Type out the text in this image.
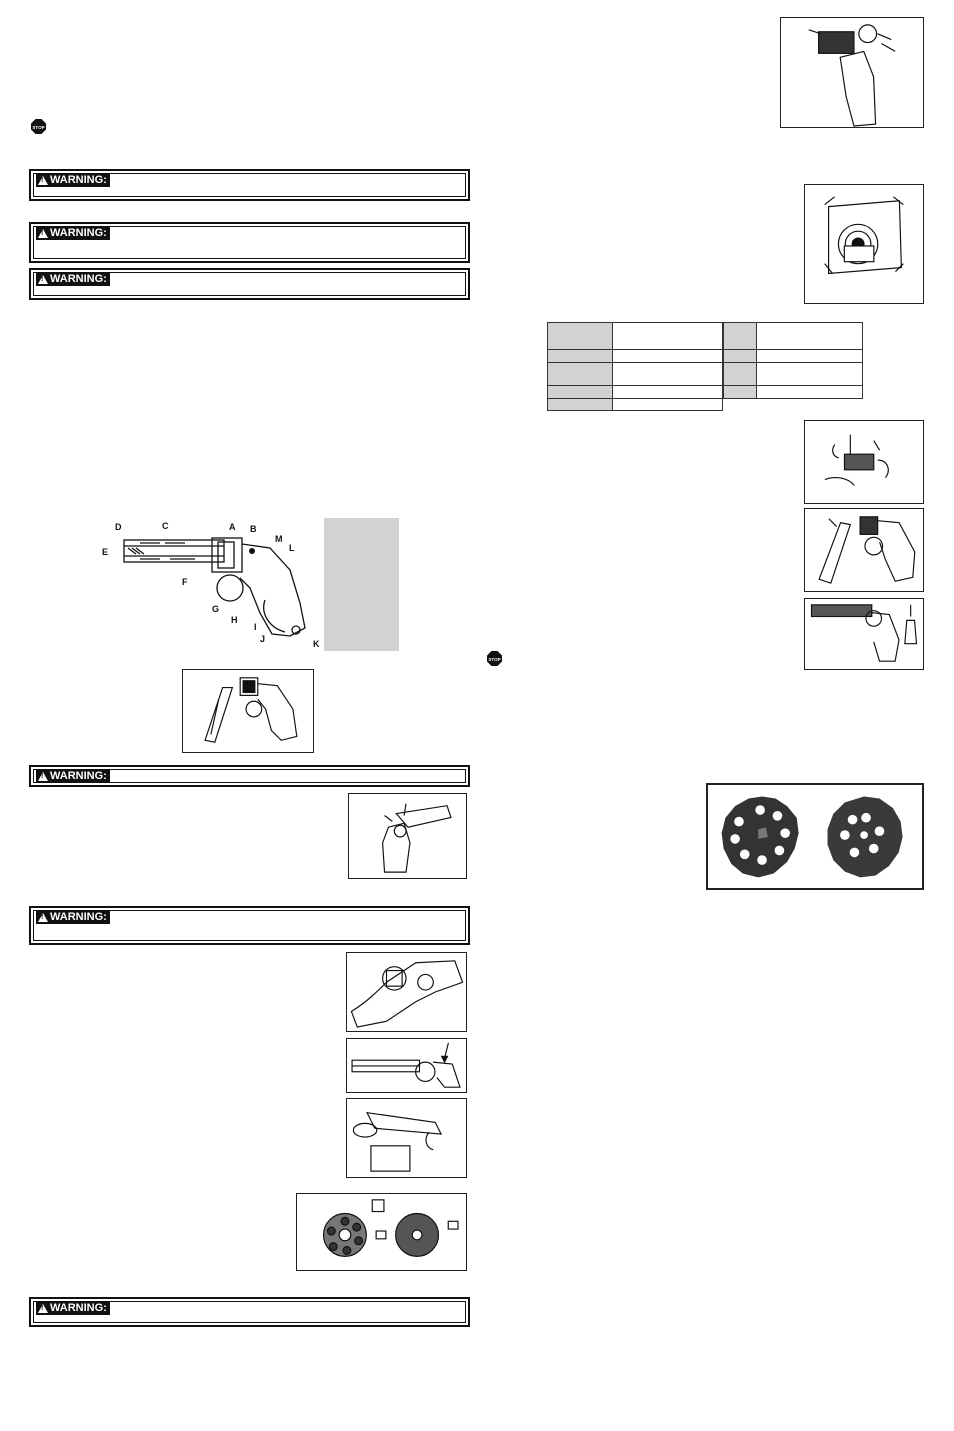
STOP
!
WARNING:
!
WARNING:
!
WARNING:
D	C	A B
M
L
E
F
G
H
I
J	K
!
WARNING:
!
WARNING:
!
WARNING:

STOP
